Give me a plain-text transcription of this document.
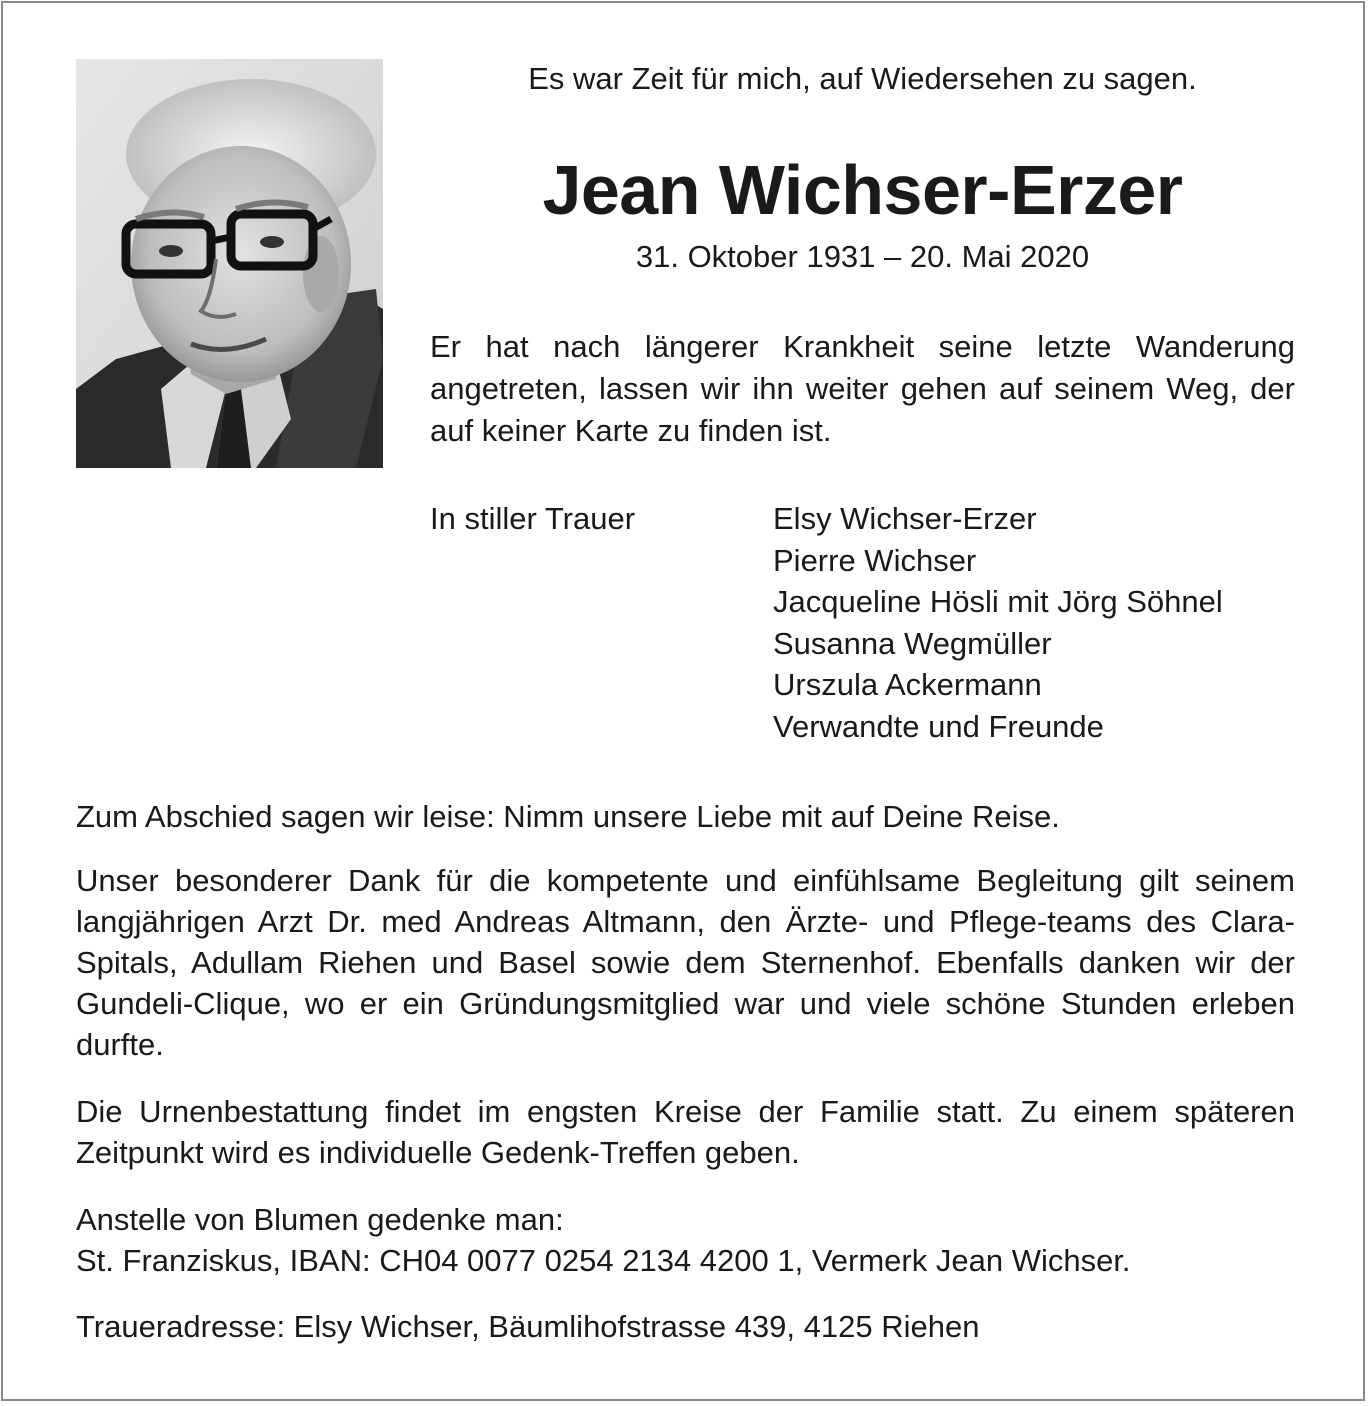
Es war Zeit für mich, auf Wiedersehen zu sagen.
Jean Wichser-Erzer
31. Oktober 1931 – 20. Mai 2020
Er hat nach längerer Krankheit seine letzte Wanderung angetreten, lassen wir ihn weiter gehen auf seinem Weg, der auf keiner Karte zu finden ist.
In stiller Trauer	Elsy Wichser-Erzer
Pierre Wichser
Jacqueline Hösli mit Jörg Söhnel
Susanna Wegmüller
Urszula Ackermann
Verwandte und Freunde
Zum Abschied sagen wir leise: Nimm unsere Liebe mit auf Deine Reise.
Unser besonderer Dank für die kompetente und einfühlsame Begleitung gilt seinem langjährigen Arzt Dr. med Andreas Altmann, den Ärzte- und Pflege-teams des Clara-Spitals, Adullam Riehen und Basel sowie dem Sternenhof. Ebenfalls danken wir der Gundeli-Clique, wo er ein Gründungsmitglied war und viele schöne Stunden erleben durfte.
Die Urnenbestattung findet im engsten Kreise der Familie statt. Zu einem späteren Zeitpunkt wird es individuelle Gedenk-Treffen geben.
Anstelle von Blumen gedenke man:
St. Franziskus, IBAN: CH04 0077 0254 2134 4200 1, Vermerk Jean Wichser.
Traueradresse: Elsy Wichser, Bäumlihofstrasse 439, 4125 Riehen
